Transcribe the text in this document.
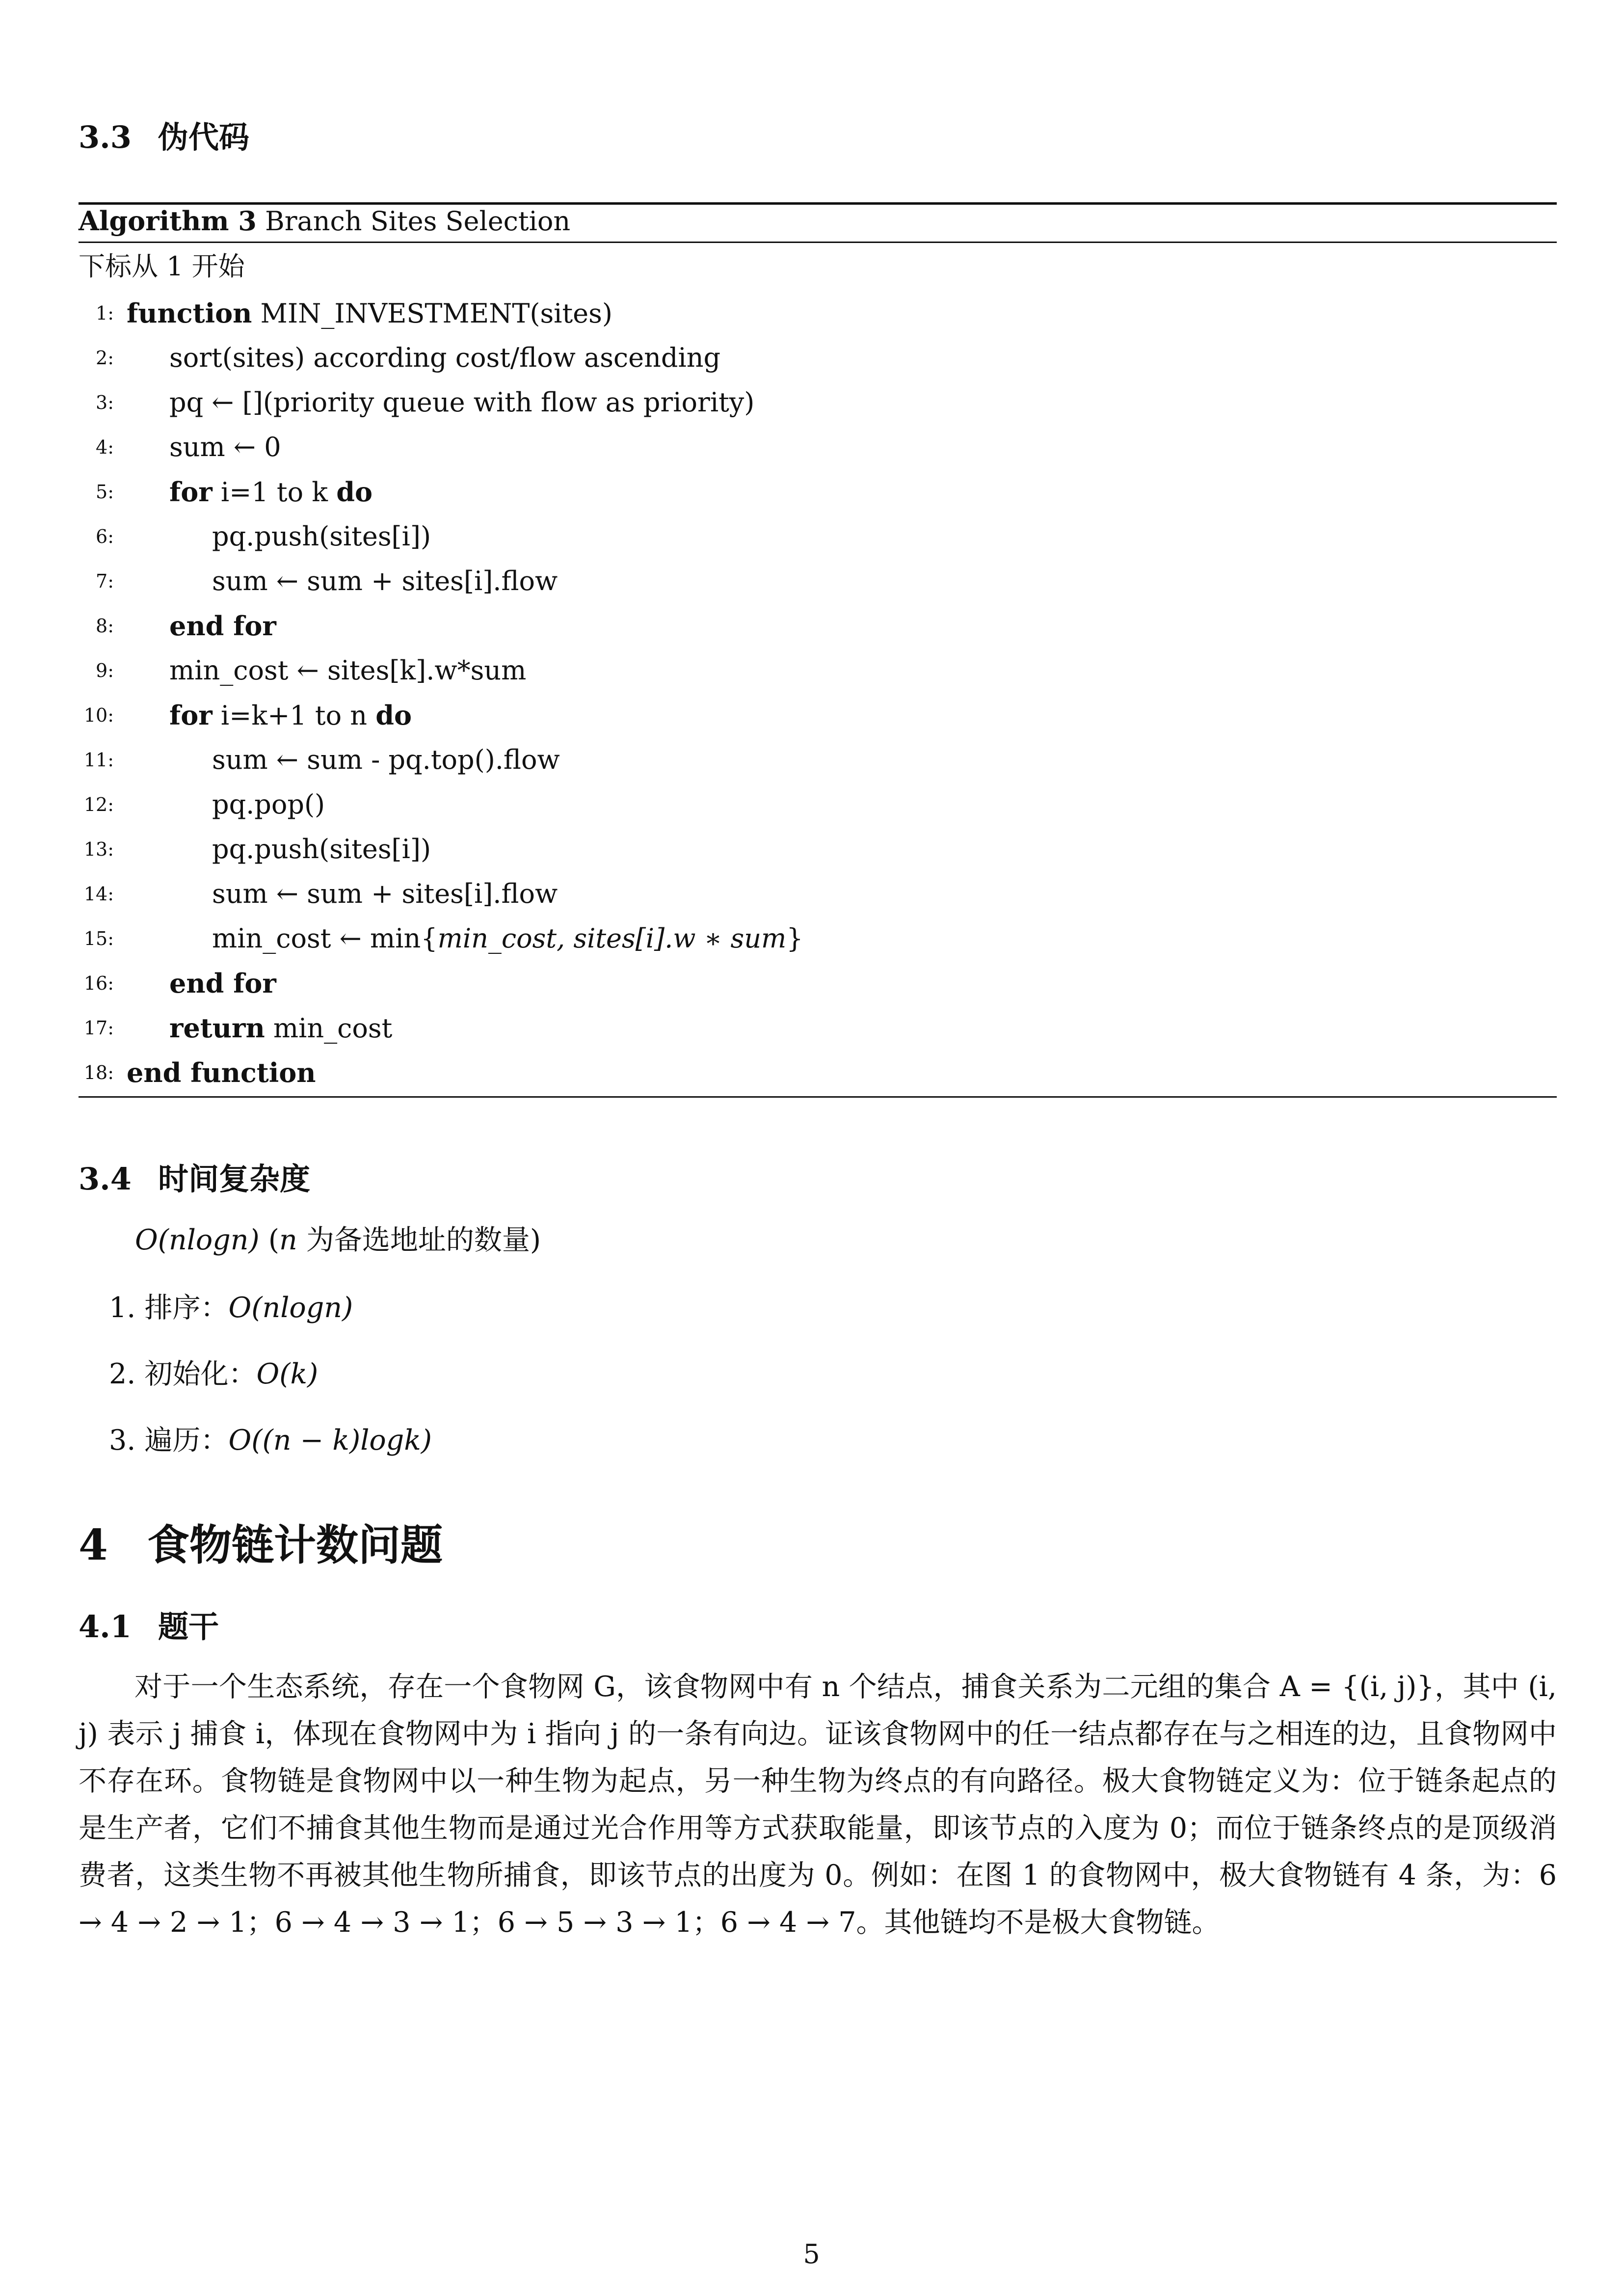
3.3 伪代码
Algorithm 3 Branch Sites Selection
下标从 1 开始
1: function MIN_INVESTMENT(sites)
2: sort(sites) according cost/flow ascending
3: pq ← [](priority queue with flow as priority)
4: sum ← 0
5: for i=1 to k do
6:	pq.push(sites[i])
7:	sum ← sum + sites[i].flow
8: end for
9: min_cost ← sites[k].w*sum
10: for i=k+1 to n do
11:	sum ← sum - pq.top().flow
12:	pq.pop()
13:	pq.push(sites[i])
14:	sum ← sum + sites[i].flow
15:	min_cost ← min{min_cost, sites[i].w ∗ sum}
16: end for
17: return min_cost
18: end function
3.4 时间复杂度
O(nlogn) (n 为备选地址的数量)
1. 排序：O(nlogn)
2. 初始化：O(k)
3. 遍历：O((n − k)logk)
4 食物链计数问题
4.1 题干
对于一个生态系统，存在一个食物网 G，该食物网中有 n 个结点，捕食关系为二元组的集合 A = {(i, j)}，其中 (i, j) 表示 j 捕食 i，体现在食物网中为 i 指向 j 的一条有向边。证该食物网中的任一结点都存在与之相连的边，且食物网中不存在环。食物链是食物网中以一种生物为起点，另一种生物为终点的有向路径。极大食物链定义为：位于链条起点的是生产者，它们不捕食其他生物而是通过光合作用等方式获取能量，即该节点的入度为 0；而位于链条终点的是顶级消费者，这类生物不再被其他生物所捕食，即该节点的出度为 0。例如：在图 1 的食物网中，极大食物链有 4 条，为：6 → 4 → 2 → 1；6 → 4 → 3 → 1；6 → 5 → 3 → 1；6 → 4 → 7。其他链均不是极大食物链。
5
